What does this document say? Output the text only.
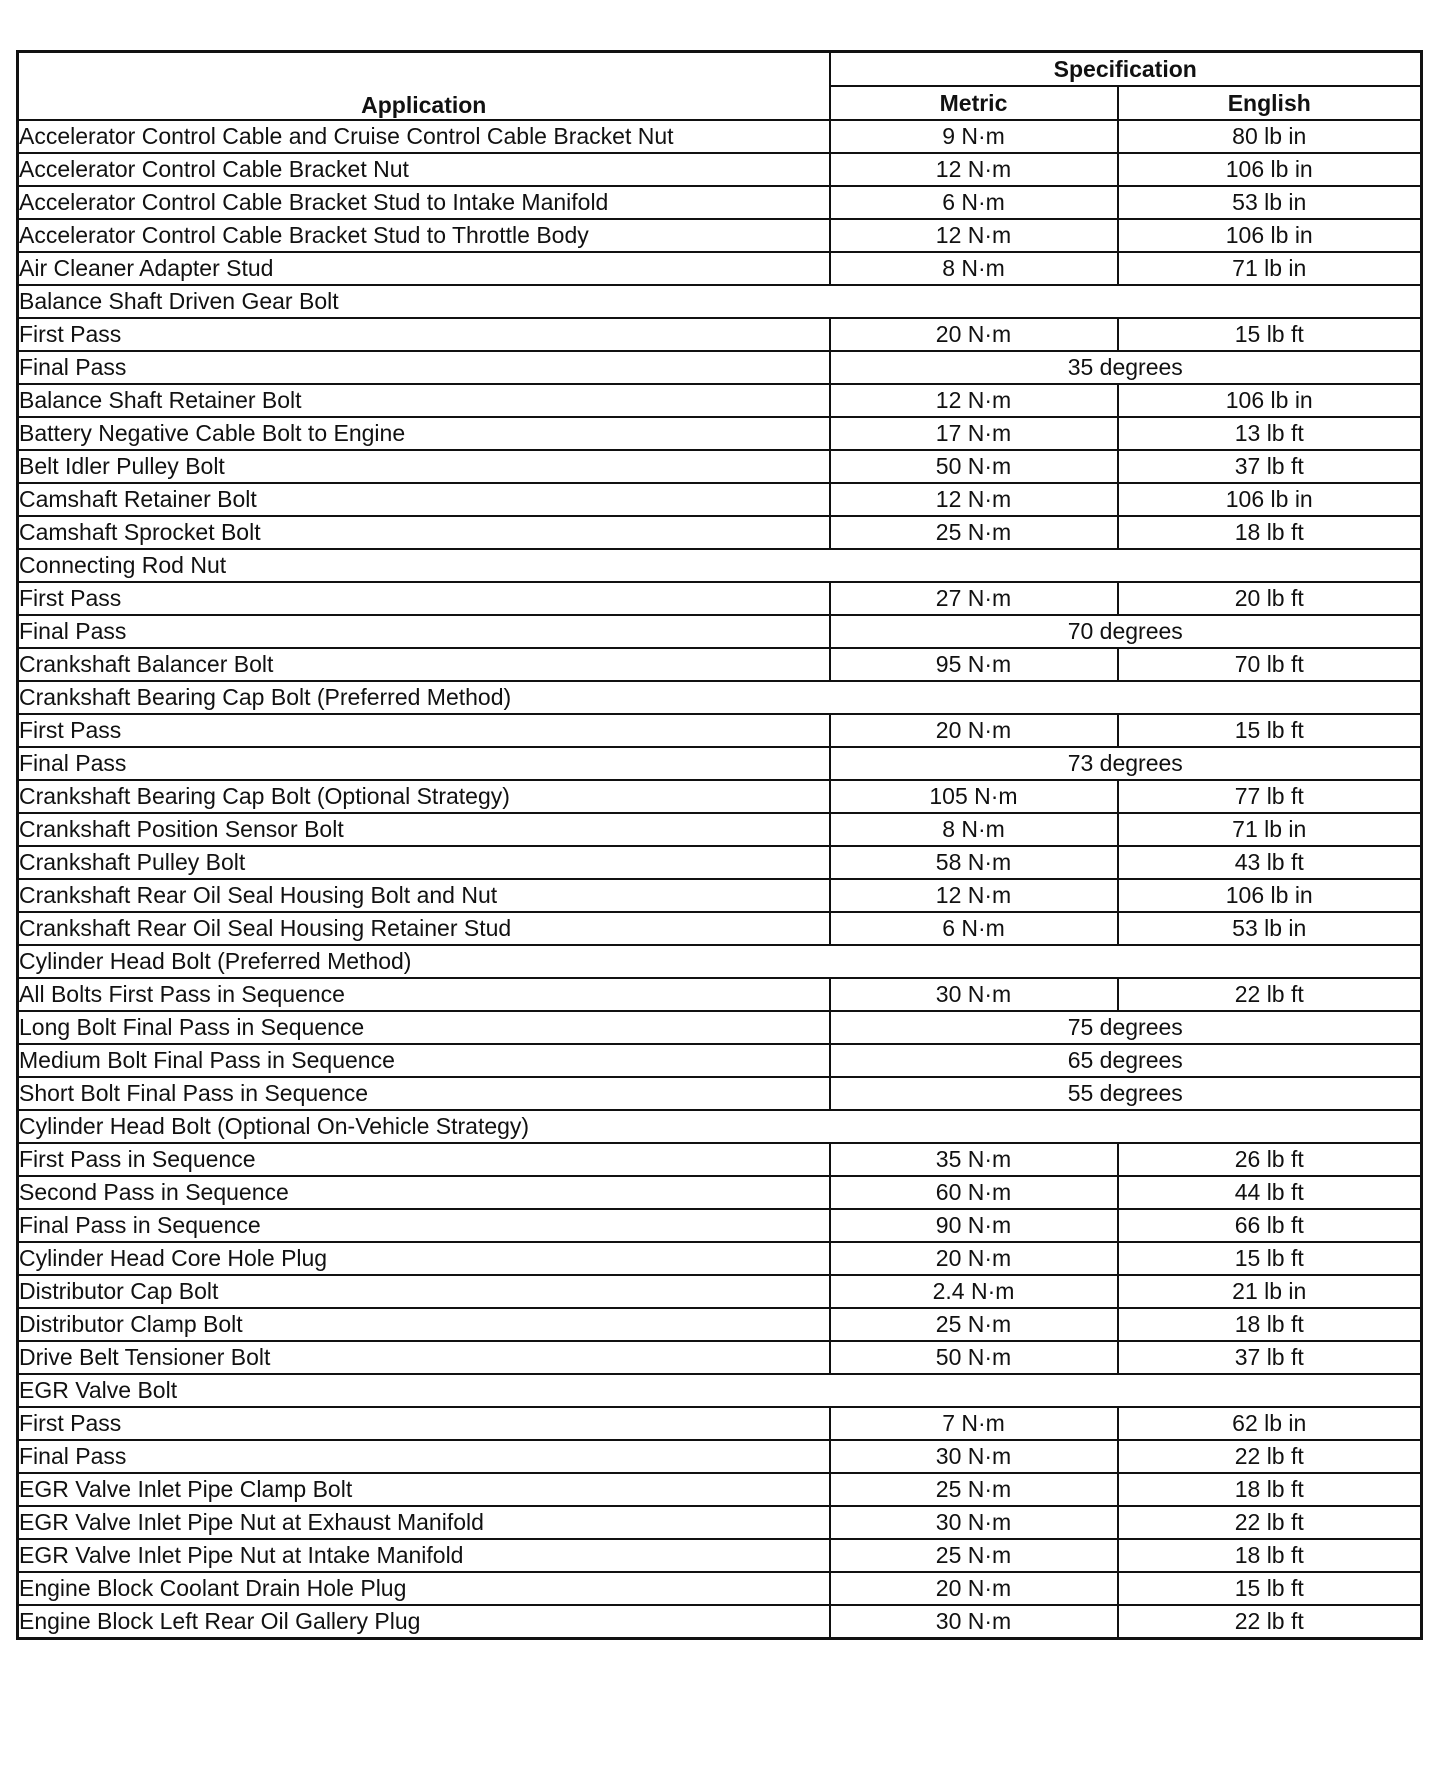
Application	Specification	
	Metric	English
Accelerator Control Cable and Cruise Control Cable Bracket Nut	9 N·m	80 lb in
Accelerator Control Cable Bracket Nut	12 N·m	106 lb in
Accelerator Control Cable Bracket Stud to Intake Manifold	6 N·m	53 lb in
Accelerator Control Cable Bracket Stud to Throttle Body	12 N·m	106 lb in
Air Cleaner Adapter Stud	8 N·m	71 lb in
Balance Shaft Driven Gear Bolt		
First Pass	20 N·m	15 lb ft
Final Pass	35 degrees	
Balance Shaft Retainer Bolt	12 N·m	106 lb in
Battery Negative Cable Bolt to Engine	17 N·m	13 lb ft
Belt Idler Pulley Bolt	50 N·m	37 lb ft
Camshaft Retainer Bolt	12 N·m	106 lb in
Camshaft Sprocket Bolt	25 N·m	18 lb ft
Connecting Rod Nut		
First Pass	27 N·m	20 lb ft
Final Pass	70 degrees	
Crankshaft Balancer Bolt	95 N·m	70 lb ft
Crankshaft Bearing Cap Bolt (Preferred Method)		
First Pass	20 N·m	15 lb ft
Final Pass	73 degrees	
Crankshaft Bearing Cap Bolt (Optional Strategy)	105 N·m	77 lb ft
Crankshaft Position Sensor Bolt	8 N·m	71 lb in
Crankshaft Pulley Bolt	58 N·m	43 lb ft
Crankshaft Rear Oil Seal Housing Bolt and Nut	12 N·m	106 lb in
Crankshaft Rear Oil Seal Housing Retainer Stud	6 N·m	53 lb in
Cylinder Head Bolt (Preferred Method)		
All Bolts First Pass in Sequence	30 N·m	22 lb ft
Long Bolt Final Pass in Sequence	75 degrees	
Medium Bolt Final Pass in Sequence	65 degrees	
Short Bolt Final Pass in Sequence	55 degrees	
Cylinder Head Bolt (Optional On-Vehicle Strategy)		
First Pass in Sequence	35 N·m	26 lb ft
Second Pass in Sequence	60 N·m	44 lb ft
Final Pass in Sequence	90 N·m	66 lb ft
Cylinder Head Core Hole Plug	20 N·m	15 lb ft
Distributor Cap Bolt	2.4 N·m	21 lb in
Distributor Clamp Bolt	25 N·m	18 lb ft
Drive Belt Tensioner Bolt	50 N·m	37 lb ft
EGR Valve Bolt		
First Pass	7 N·m	62 lb in
Final Pass	30 N·m	22 lb ft
EGR Valve Inlet Pipe Clamp Bolt	25 N·m	18 lb ft
EGR Valve Inlet Pipe Nut at Exhaust Manifold	30 N·m	22 lb ft
EGR Valve Inlet Pipe Nut at Intake Manifold	25 N·m	18 lb ft
Engine Block Coolant Drain Hole Plug	20 N·m	15 lb ft
Engine Block Left Rear Oil Gallery Plug	30 N·m	22 lb ft
